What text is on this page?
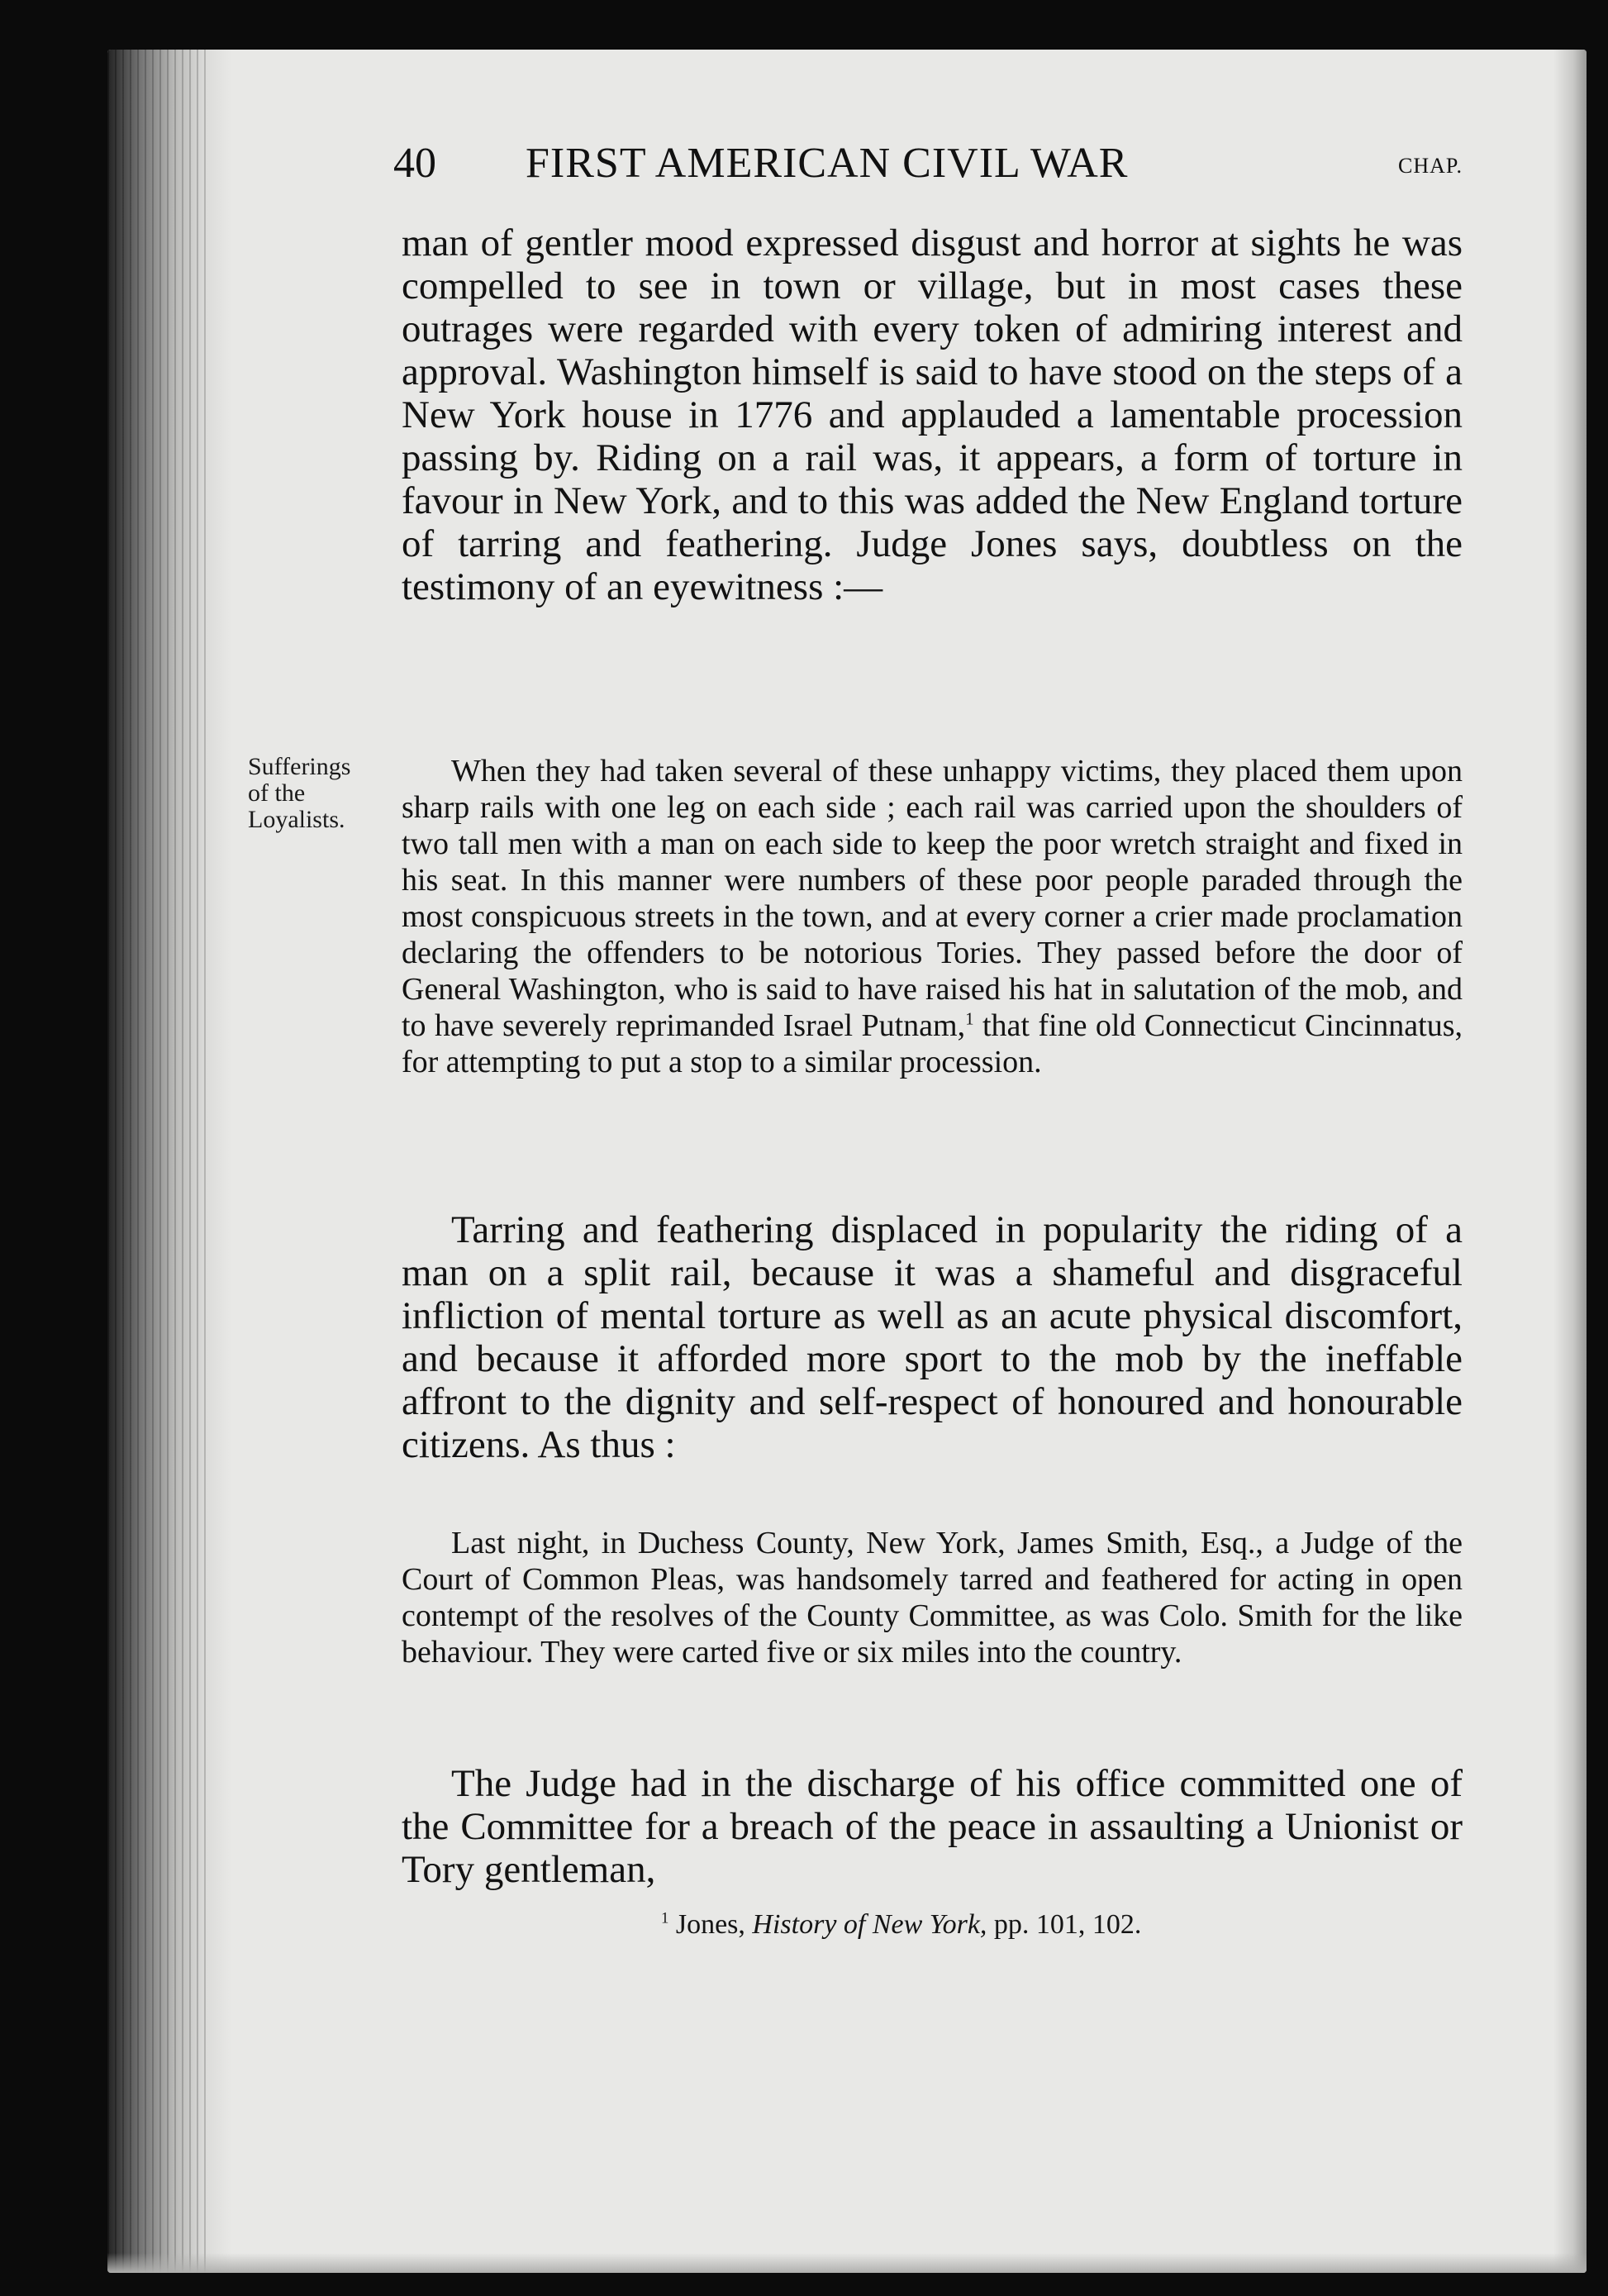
40 FIRST AMERICAN CIVIL WAR	CHAP.
Sufferings
of the
Loyalists.

man of gentler mood expressed disgust and horror at sights he was compelled to see in town or village, but in most cases these outrages were regarded with every token of admiring interest and approval. Washington himself is said to have stood on the steps of a New York house in 1776 and applauded a lamentable procession passing by. Riding on a rail was, it appears, a form of torture in favour in New York, and to this was added the New England torture of tarring and feathering. Judge Jones says, doubtless on the testimony of an eyewitness :—

When they had taken several of these unhappy victims, they placed them upon sharp rails with one leg on each side ; each rail was carried upon the shoulders of two tall men with a man on each side to keep the poor wretch straight and fixed in his seat. In this manner were numbers of these poor people paraded through the most conspicuous streets in the town, and at every corner a crier made proclamation declaring the offenders to be notorious Tories. They passed before the door of General Washington, who is said to have raised his hat in salutation of the mob, and to have severely reprimanded Israel Putnam,$^1$ that fine old Connecticut Cincinnatus, for attempting to put a stop to a similar procession.

Tarring and feathering displaced in popularity the riding of a man on a split rail, because it was a shameful and disgraceful infliction of mental torture as well as an acute physical discomfort, and because it afforded more sport to the mob by the ineffable affront to the dignity and self-respect of honoured and honourable citizens. As thus :

Last night, in Duchess County, New York, James Smith, Esq., a Judge of the Court of Common Pleas, was handsomely tarred and feathered for acting in open contempt of the resolves of the County Committee, as was Colo. Smith for the like behaviour. They were carted five or six miles into the country.

The Judge had in the discharge of his office committed one of the Committee for a breach of the peace in assaulting a Unionist or Tory gentleman,

$^1$ Jones, History of New York, pp. 101, 102.
